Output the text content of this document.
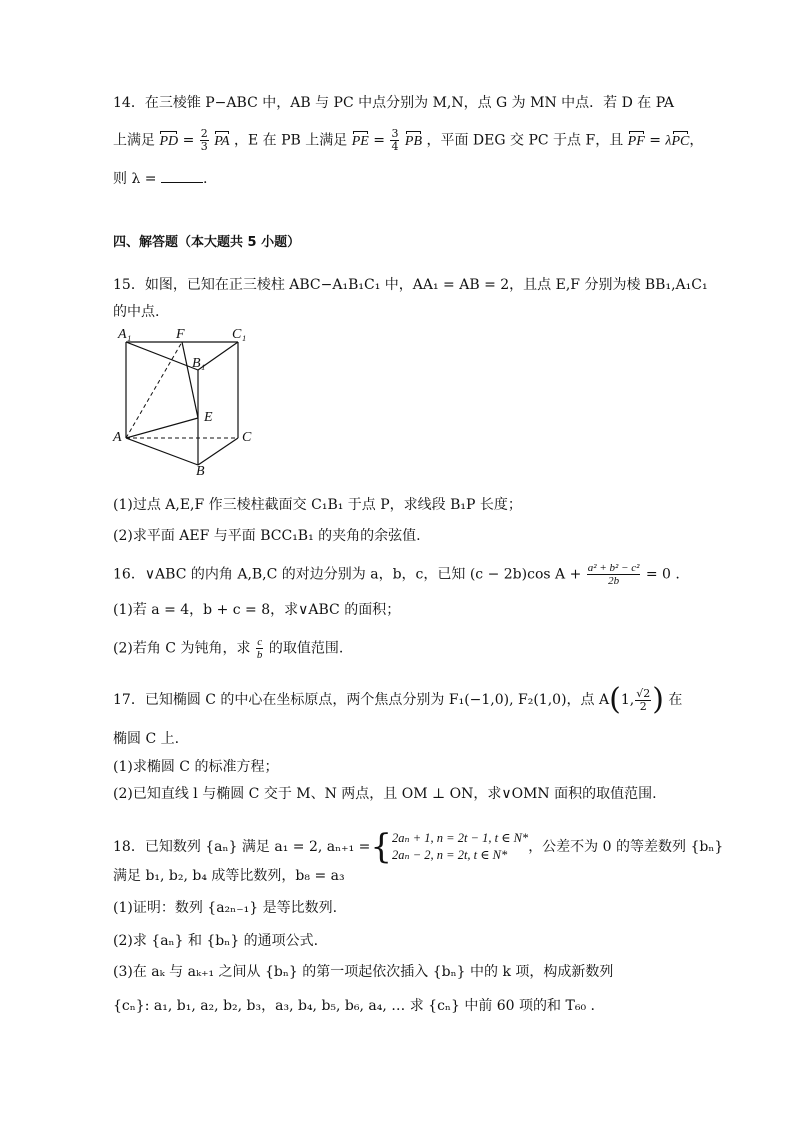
14．在三棱锥 P−ABC 中，AB 与 PC 中点分别为 M,N，点 G 为 MN 中点．若 D 在 PA
上满足 PD = $\frac{2}{3}$ PA ，E 在 PB 上满足 PE = $\frac{3}{4}$ PB ，平面 DEG 交 PC 于点 F，且 PF = λPC，
则 λ =	.
四、解答题（本大题共 5 小题）
15．如图，已知在正三棱柱 ABC−A₁B₁C₁ 中，AA₁ = AB = 2，且点 E,F 分别为棱 BB₁,A₁C₁
的中点.
A₁	F	C₁
B₁
E
A	C
B
(1)过点 A,E,F 作三棱柱截面交 C₁B₁ 于点 P，求线段 B₁P 长度；
(2)求平面 AEF 与平面 BCC₁B₁ 的夹角的余弦值.
16．∨ABC 的内角 A,B,C 的对边分别为 a，b，c，已知 (c − 2b)cos $A + \frac{\text{a² + b² − c²}}{2b} = 0$ .
(1)若 a = 4，b + c = 8，求∨ABC 的面积；
(2)若角 C 为钝角，求 $\frac{c}{b}$ 的取值范围.
17．已知椭圆 C 的中心在坐标原点，两个焦点分别为 F₁(−1,0), F₂(1,0)，点 A(1, $\frac{√2}{2}$ ) 在
椭圆 C 上.
(1)求椭圆 C 的标准方程；
(2)已知直线 l 与椭圆 C 交于 M、N 两点，且 OM ⊥ ON，求∨OMN 面积的取值范围.
18．已知数列 {aₙ} 满足 a₁ = 2, aₙ₊₁ ={ 2aₙ + 1, n = 2t − 1, t ∈ N*
2aₙ − 2, n = 2t, t ∈ N*	，公差不为 0 的等差数列 {bₙ}
满足 b₁, b₂, b₄ 成等比数列，b₈ = a₃
(1)证明：数列 {a₂ₙ₋₁} 是等比数列.
(2)求 {aₙ} 和 {bₙ} 的通项公式.
(3)在 aₖ 与 aₖ₊₁ 之间从 {bₙ} 的第一项起依次插入 {bₙ} 中的 k 项，构成新数列
{cₙ}: a₁, b₁, a₂, b₂, b₃，a₃, b₄, b₅, b₆, a₄, … 求 {cₙ} 中前 60 项的和 T₆₀ .
